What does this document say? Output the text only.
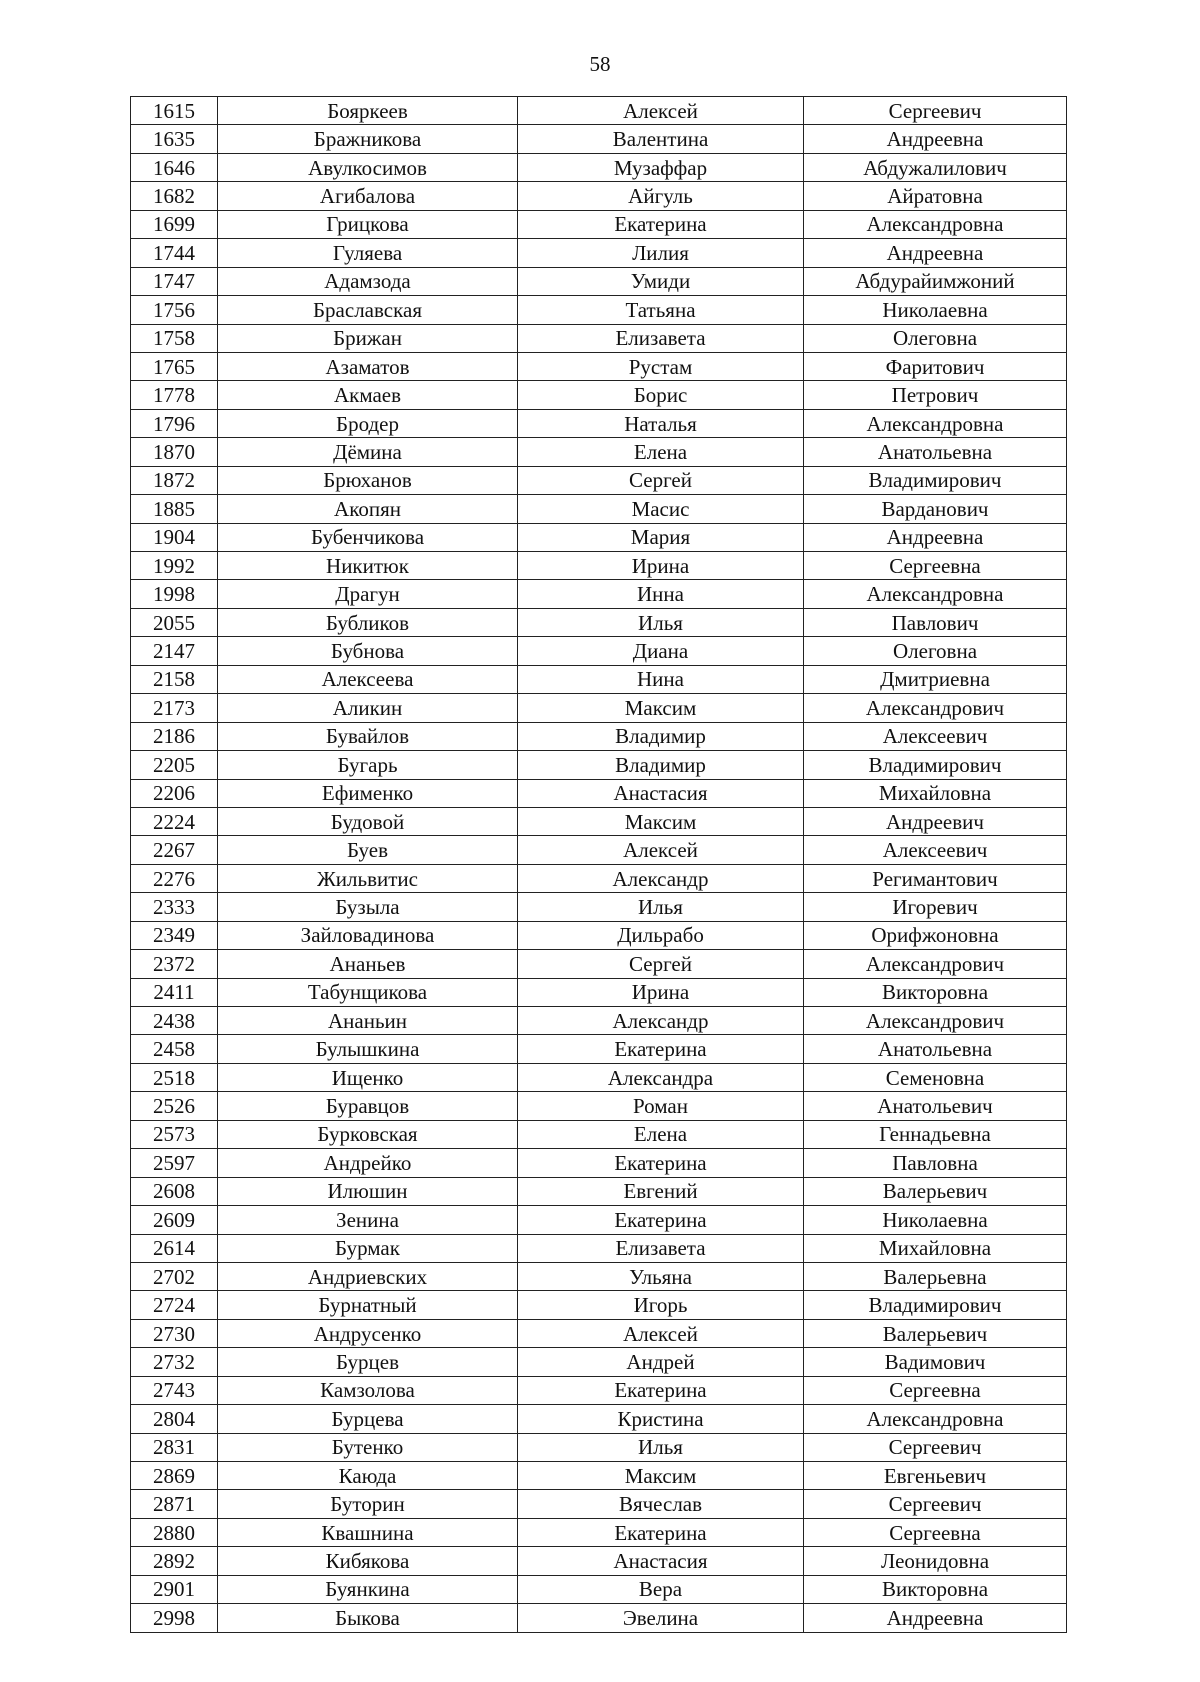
58
1615	Бояркеев	Алексей	Сергеевич
1635	Бражникова	Валентина	Андреевна
1646	Авулкосимов	Музаффар	Абдужалилович
1682	Агибалова	Айгуль	Айратовна
1699	Грицкова	Екатерина	Александровна
1744	Гуляева	Лилия	Андреевна
1747	Адамзода	Умиди	Абдурайимжоний
1756	Браславская	Татьяна	Николаевна
1758	Брижан	Елизавета	Олеговна
1765	Азаматов	Рустам	Фаритович
1778	Акмаев	Борис	Петрович
1796	Бродер	Наталья	Александровна
1870	Дёмина	Елена	Анатольевна
1872	Брюханов	Сергей	Владимирович
1885	Акопян	Масис	Варданович
1904	Бубенчикова	Мария	Андреевна
1992	Никитюк	Ирина	Сергеевна
1998	Драгун	Инна	Александровна
2055	Бубликов	Илья	Павлович
2147	Бубнова	Диана	Олеговна
2158	Алексеева	Нина	Дмитриевна
2173	Аликин	Максим	Александрович
2186	Бувайлов	Владимир	Алексеевич
2205	Бугарь	Владимир	Владимирович
2206	Ефименко	Анастасия	Михайловна
2224	Будовой	Максим	Андреевич
2267	Буев	Алексей	Алексеевич
2276	Жильвитис	Александр	Регимантович
2333	Бузыла	Илья	Игоревич
2349	Зайловадинова	Дильрабо	Орифжоновна
2372	Ананьев	Сергей	Александрович
2411	Табунщикова	Ирина	Викторовна
2438	Ананьин	Александр	Александрович
2458	Булышкина	Екатерина	Анатольевна
2518	Ищенко	Александра	Семеновна
2526	Буравцов	Роман	Анатольевич
2573	Бурковская	Елена	Геннадьевна
2597	Андрейко	Екатерина	Павловна
2608	Илюшин	Евгений	Валерьевич
2609	Зенина	Екатерина	Николаевна
2614	Бурмак	Елизавета	Михайловна
2702	Андриевских	Ульяна	Валерьевна
2724	Бурнатный	Игорь	Владимирович
2730	Андрусенко	Алексей	Валерьевич
2732	Бурцев	Андрей	Вадимович
2743	Камзолова	Екатерина	Сергеевна
2804	Бурцева	Кристина	Александровна
2831	Бутенко	Илья	Сергеевич
2869	Каюда	Максим	Евгеньевич
2871	Буторин	Вячеслав	Сергеевич
2880	Квашнина	Екатерина	Сергеевна
2892	Кибякова	Анастасия	Леонидовна
2901	Буянкина	Вера	Викторовна
2998	Быкова	Эвелина	Андреевна
